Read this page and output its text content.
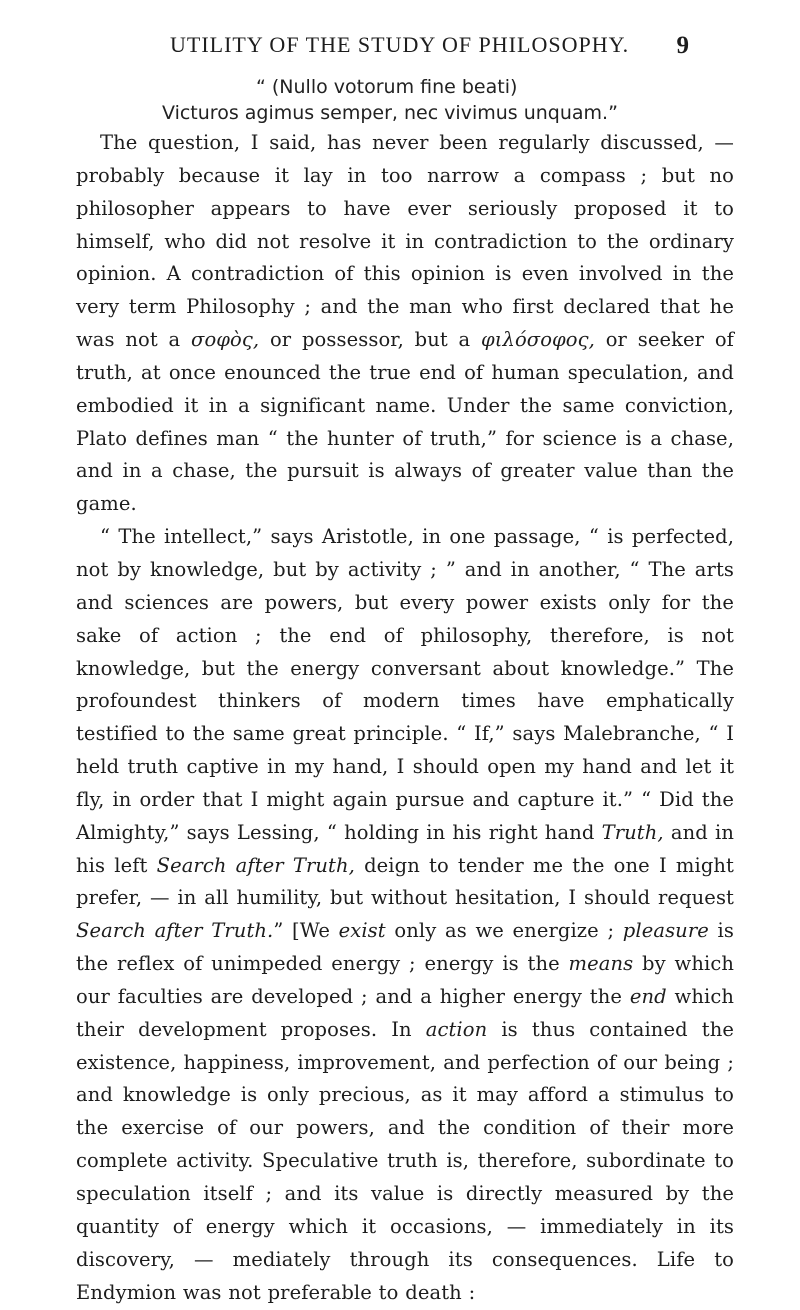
UTILITY OF THE STUDY OF PHILOSOPHY. 9
“ (Nullo votorum fine beati)
Victuros agimus semper, nec vivimus unquam.”

The question, I said, has never been regularly discussed, — probably because it lay in too narrow a compass ; but no philosopher appears to have ever seriously proposed it to himself, who did not resolve it in contradiction to the ordinary opinion. A contradiction of this opinion is even involved in the very term Philosophy ; and the man who first declared that he was not a σοφὸς, or possessor, but a φιλόσοφος, or seeker of truth, at once enounced the true end of human speculation, and embodied it in a significant name. Under the same conviction, Plato defines man “ the hunter of truth,” for science is a chase, and in a chase, the pursuit is always of greater value than the game.

“ The intellect,” says Aristotle, in one passage, “ is perfected, not by knowledge, but by activity ; ” and in another, “ The arts and sciences are powers, but every power exists only for the sake of action ; the end of philosophy, therefore, is not knowledge, but the energy conversant about knowledge.” The profoundest thinkers of modern times have emphatically testified to the same great principle. “ If,” says Malebranche, “ I held truth captive in my hand, I should open my hand and let it fly, in order that I might again pursue and capture it.” “ Did the Almighty,” says Lessing, “ holding in his right hand Truth, and in his left Search after Truth, deign to tender me the one I might prefer, — in all humility, but without hesitation, I should request Search after Truth.” [We exist only as we energize ; pleasure is the reflex of unimpeded energy ; energy is the means by which our faculties are developed ; and a higher energy the end which their development proposes. In action is thus contained the existence, happiness, improvement, and perfection of our being ; and knowledge is only precious, as it may afford a stimulus to the exercise of our powers, and the condition of their more complete activity. Speculative truth is, therefore, subordinate to speculation itself ; and its value is directly measured by the quantity of energy which it occasions, — immediately in its discovery, — mediately through its consequences. Life to Endymion was not preferable to death :
